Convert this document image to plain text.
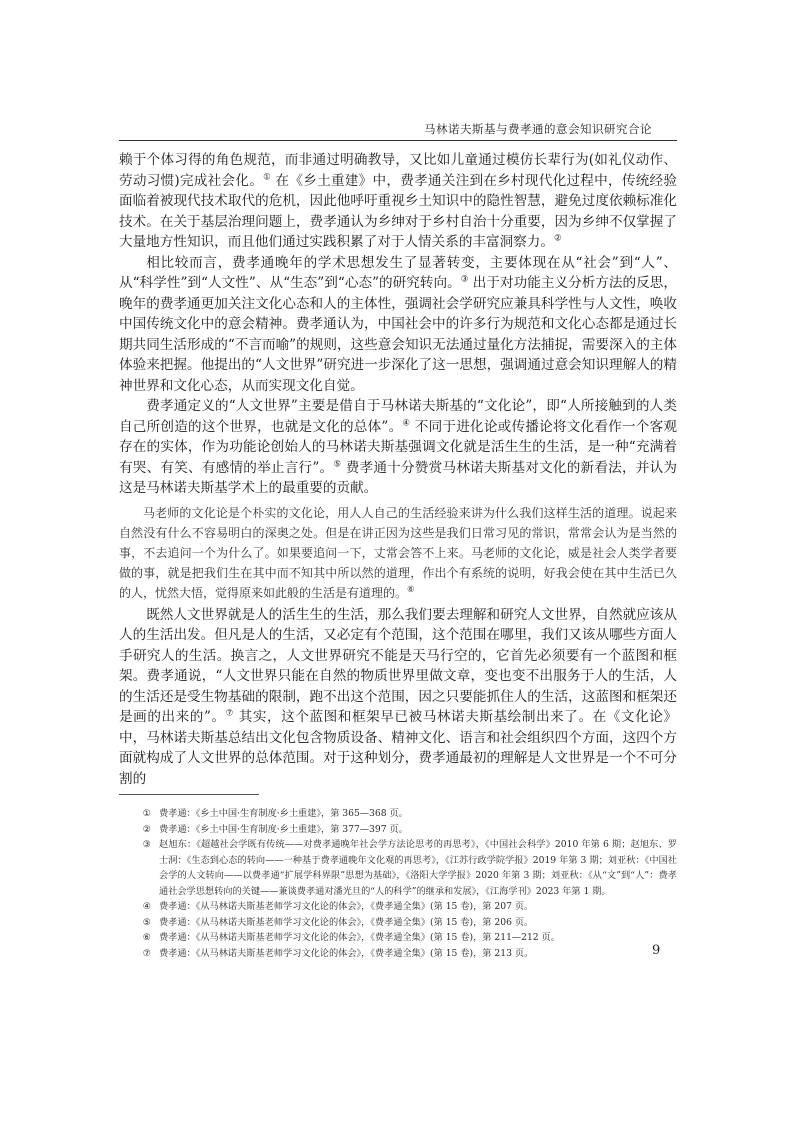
马林诺夫斯基与费孝通的意会知识研究合论

赖于个体习得的角色规范，而非通过明确教导，又比如儿童通过模仿长辈行为(如礼仪动作、劳动习惯)完成社会化。① 在《乡土重建》中，费孝通关注到在乡村现代化过程中，传统经验面临着被现代技术取代的危机，因此他呼吁重视乡土知识中的隐性智慧，避免过度依赖标准化技术。在关于基层治理问题上，费孝通认为乡绅对于乡村自治十分重要，因为乡绅不仅掌握了大量地方性知识，而且他们通过实践积累了对于人情关系的丰富洞察力。②

相比较而言，费孝通晚年的学术思想发生了显著转变，主要体现在从“社会”到“人”、从“科学性”到“人文性”、从“生态”到“心态”的研究转向。③ 出于对功能主义分析方法的反思，晚年的费孝通更加关注文化心态和人的主体性，强调社会学研究应兼具科学性与人文性，唤收中国传统文化中的意会精神。费孝通认为，中国社会中的许多行为规范和文化心态都是通过长期共同生活形成的“不言而喻”的规则，这些意会知识无法通过量化方法捕捉，需要深入的主体体验来把握。他提出的“人文世界”研究进一步深化了这一思想，强调通过意会知识理解人的精神世界和文化心态，从而实现文化自觉。

费孝通定义的“人文世界”主要是借自于马林诺夫斯基的“文化论”，即“人所接触到的人类自己所创造的这个世界，也就是文化的总体”。④ 不同于进化论或传播论将文化看作一个客观存在的实体，作为功能论创始人的马林诺夫斯基强调文化就是活生生的生活，是一种“充满着有哭、有笑、有感情的举止言行”。⑤ 费孝通十分赞赏马林诺夫斯基对文化的新看法，并认为这是马林诺夫斯基学术上的最重要的贡献。

马老师的文化论是个朴实的文化论，用人人自己的生活经验来讲为什么我们这样生活的道理。说起来自然没有什么不容易明白的深奥之处。但是在讲正因为这些是我们日常习见的常识，常常会认为是当然的事，不去追问一个为什么了。如果要追问一下，丈常会答不上来。马老师的文化论，威是社会人类学者要做的事，就是把我们生在其中而不知其中所以然的道理，作出个有系统的说明，好我会使在其中生活已久的人，忧然大悟，觉得原来如此般的生活是有道理的。⑥

既然人文世界就是人的活生生的生活，那么我们要去理解和研究人文世界，自然就应该从人的生活出发。但凡是人的生活，又必定有个范围，这个范围在哪里，我们又该从哪些方面人手研究人的生活。换言之，人文世界研究不能是天马行空的，它首先必须要有一个蓝图和框架。费孝通说，“人文世界只能在自然的物质世界里做文章，变也变不出服务于人的生活，人的生活还是受生物基础的限制，跑不出这个范围，因之只要能抓住人的生活，这蓝图和框架还是画的出来的”。⑦ 其实，这个蓝图和框架早已被马林诺夫斯基绘制出来了。在《文化论》中，马林诺夫斯基总结出文化包含物质设备、精神文化、语言和社会组织四个方面，这四个方面就构成了人文世界的总体范围。对于这种划分，费孝通最初的理解是人文世界是一个不可分割的

① 费孝通：《乡土中国·生育制度·乡土重建》，第 365—368 页。
② 费孝通：《乡土中国·生育制度·乡土重建》，第 377—397 页。
③ 赵旭东：《超越社会学既有传统——对费孝通晚年社会学方法论思考的再思考》，《中国社会科学》2010 年第 6 期；赵旭东、罗士泂：《生态到心态的转向——一种基于费孝通晚年文化观的再思考》，《江苏行政学院学报》2019 年第 3 期；刘亚秋：《中国社会学的人文转向——以费孝通“扩展学科界限”思想为基础》，《洛阳大学学报》2020 年第 3 期；刘亚秋：《从“文”到“人”：费孝通社会学思想转向的关键——兼谈费孝通对潘光旦的“人的科学”的继承和发展》，《江海学刊》2023 年第 1 期。
④ 费孝通：《从马林诺夫斯基老师学习文化论的体会》，《费孝通全集》(第 15 卷)，第 207 页。
⑤ 费孝通：《从马林诺夫斯基老师学习文化论的体会》，《费孝通全集》(第 15 卷)，第 206 页。
⑥ 费孝通：《从马林诺夫斯基老师学习文化论的体会》，《费孝通全集》(第 15 卷)，第 211—212 页。
⑦ 费孝通：《从马林诺夫斯基老师学习文化论的体会》，《费孝通全集》(第 15 卷)，第 213 页。	9
